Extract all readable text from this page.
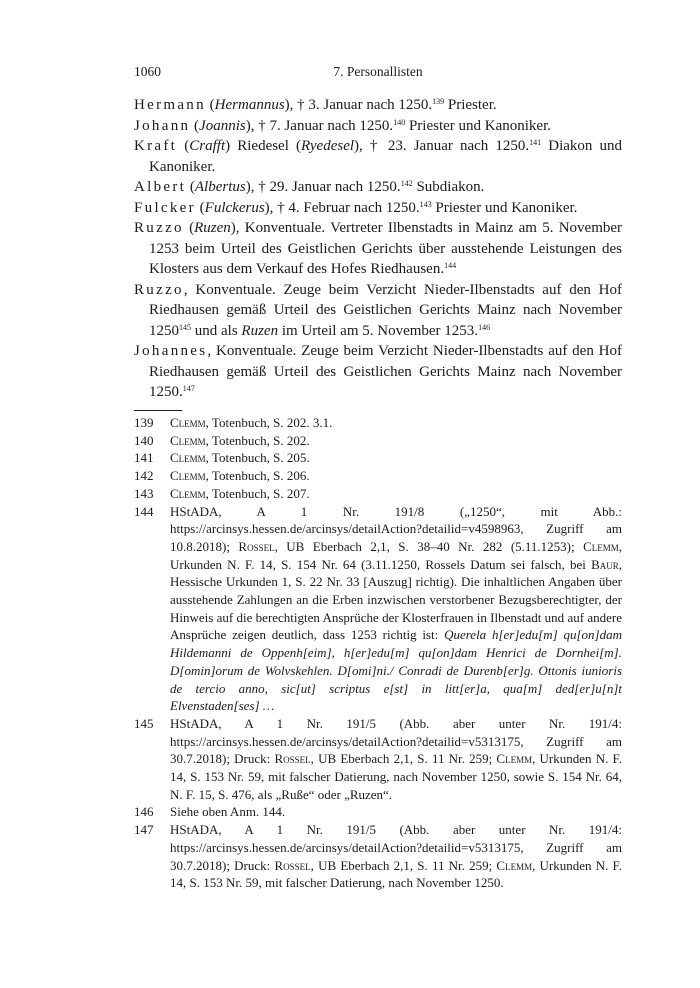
1060	7. Personallisten

Hermann (Hermannus), † 3. Januar nach 1250.$^{139}$ Priester.

Johann (Joannis), † 7. Januar nach 1250.$^{140}$ Priester und Kanoniker.

Kraft (Crafft) Riedesel (Ryedesel), † 23. Januar nach 1250.$^{141}$ Diakon und Kanoniker.

Albert (Albertus), † 29. Januar nach 1250.$^{142}$ Subdiakon.

Fulcker (Fulckerus), † 4. Februar nach 1250.$^{143}$ Priester und Kanoniker.

Ruzzo (Ruzen), Konventuale. Vertreter Ilbenstadts in Mainz am 5. November 1253 beim Urteil des Geistlichen Gerichts über ausstehende Leistungen des Klosters aus dem Verkauf des Hofes Riedhausen.$^{144}$

Ruzzo, Konventuale. Zeuge beim Verzicht Nieder-Ilbenstadts auf den Hof Riedhausen gemäß Urteil des Geistlichen Gerichts Mainz nach November 1250$^{145}$ und als Ruzen im Urteil am 5. November 1253.$^{146}$

Johannes, Konventuale. Zeuge beim Verzicht Nieder-Ilbenstadts auf den Hof Riedhausen gemäß Urteil des Geistlichen Gerichts Mainz nach November 1250.$^{147}$

139	Clemm, Totenbuch, S. 202. 3.1.
140	Clemm, Totenbuch, S. 202.
141	Clemm, Totenbuch, S. 205.
142	Clemm, Totenbuch, S. 206.
143	Clemm, Totenbuch, S. 207.
144	HStADA, A 1 Nr. 191/8 („1250“, mit Abb.: https://arcinsys.hessen.de/arcinsys/detailAction?detailid=v4598963, Zugriff am 10.8.2018); Rossel, UB Eberbach 2,1, S. 38–40 Nr. 282 (5.11.1253); Clemm, Urkunden N. F. 14, S. 154 Nr. 64 (3.11.1250, Rossels Datum sei falsch, bei Baur, Hessische Urkunden 1, S. 22 Nr. 33 [Auszug] richtig). Die inhaltlichen Angaben über ausstehende Zahlungen an die Erben inzwischen verstorbener Bezugsberechtigter, der Hinweis auf die berechtigten Ansprüche der Klosterfrauen in Ilbenstadt und auf andere Ansprüche zeigen deutlich, dass 1253 richtig ist: Querela h[er]edu[m] qu[on]dam Hildemanni de Oppenh[eim], h[er]edu[m] qu[on]dam Henrici de Dornhei[m]. D[omin]orum de Wolvskehlen. D[omi]ni./ Conradi de Durenb[er]g. Ottonis iunioris de tercio anno, sic[ut] scriptus e[st] in litt[er]a, qua[m] ded[er]u[n]t Elvenstaden[ses] …
145	HStADA, A 1 Nr. 191/5 (Abb. aber unter Nr. 191/4: https://arcinsys.hessen.de/arcinsys/detailAction?detailid=v5313175, Zugriff am 30.7.2018); Druck: Rossel, UB Eberbach 2,1, S. 11 Nr. 259; Clemm, Urkunden N. F. 14, S. 153 Nr. 59, mit falscher Datierung, nach November 1250, sowie S. 154 Nr. 64, N. F. 15, S. 476, als „Ruße“ oder „Ruzen“.
146	Siehe oben Anm. 144.
147	HStADA, A 1 Nr. 191/5 (Abb. aber unter Nr. 191/4: https://arcinsys.hessen.de/arcinsys/detailAction?detailid=v5313175, Zugriff am 30.7.2018); Druck: Rossel, UB Eberbach 2,1, S. 11 Nr. 259; Clemm, Urkunden N. F. 14, S. 153 Nr. 59, mit falscher Datierung, nach November 1250.
